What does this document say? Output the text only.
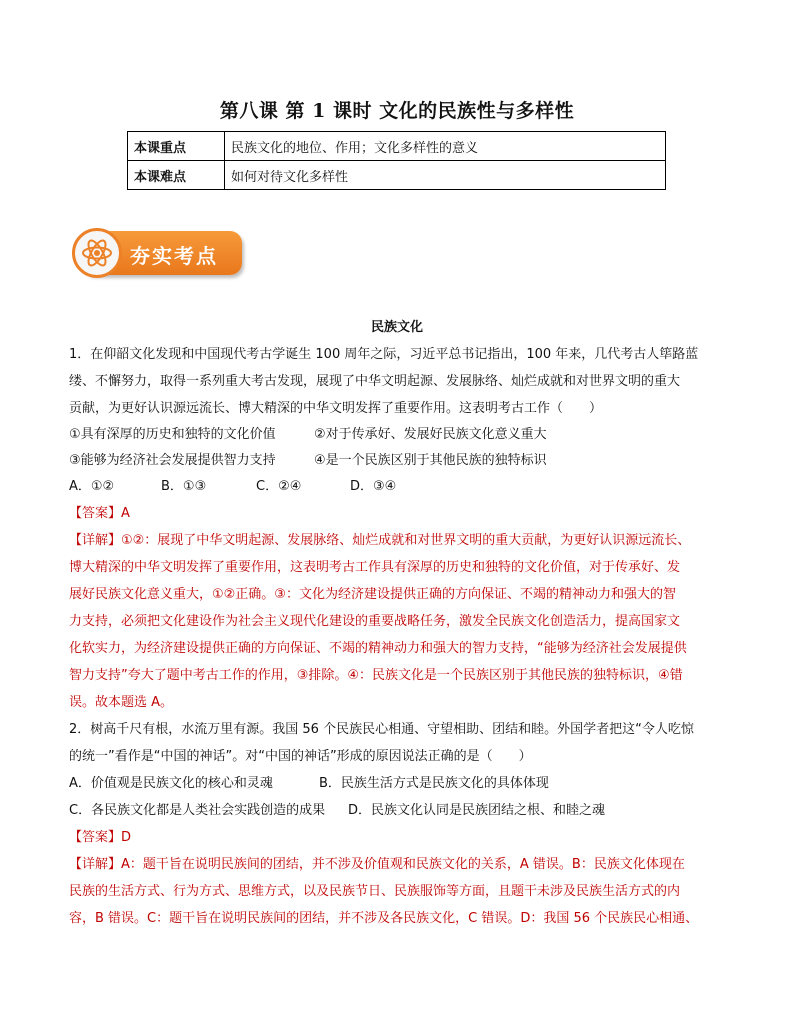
第八课 第 1 课时 文化的民族性与多样性
本课重点	民族文化的地位、作用；文化多样性的意义
本课难点	如何对待文化多样性
夯实考点
民族文化
1．在仰韶文化发现和中国现代考古学诞生 100 周年之际，习近平总书记指出，100 年来，几代考古人筚路蓝
缕、不懈努力，取得一系列重大考古发现，展现了中华文明起源、发展脉络、灿烂成就和对世界文明的重大
贡献，为更好认识源远流长、博大精深的中华文明发挥了重要作用。这表明考古工作（　　）
①具有深厚的历史和独特的文化价值	②对于传承好、发展好民族文化意义重大
③能够为经济社会发展提供智力支持	④是一个民族区别于其他民族的独特标识
A．①②	B．①③	C．②④	D．③④
【答案】A
【详解】①②：展现了中华文明起源、发展脉络、灿烂成就和对世界文明的重大贡献，为更好认识源远流长、
博大精深的中华文明发挥了重要作用，这表明考古工作具有深厚的历史和独特的文化价值，对于传承好、发
展好民族文化意义重大，①②正确。③：文化为经济建设提供正确的方向保证、不竭的精神动力和强大的智
力支持，必须把文化建设作为社会主义现代化建设的重要战略任务，激发全民族文化创造活力，提高国家文
化软实力，为经济建设提供正确的方向保证、不竭的精神动力和强大的智力支持，“能够为经济社会发展提供
智力支持”夸大了题中考古工作的作用，③排除。④：民族文化是一个民族区别于其他民族的独特标识，④错
误。故本题选 A。
2．树高千尺有根，水流万里有源。我国 56 个民族民心相通、守望相助、团结和睦。外国学者把这“令人吃惊
的统一”看作是“中国的神话”。对“中国的神话”形成的原因说法正确的是（　　）
A．价值观是民族文化的核心和灵魂	B．民族生活方式是民族文化的具体体现
C．各民族文化都是人类社会实践创造的成果 D．民族文化认同是民族团结之根、和睦之魂
【答案】D
【详解】A：题干旨在说明民族间的团结，并不涉及价值观和民族文化的关系，A 错误。B：民族文化体现在
民族的生活方式、行为方式、思维方式，以及民族节日、民族服饰等方面，且题干未涉及民族生活方式的内
容，B 错误。C：题干旨在说明民族间的团结，并不涉及各民族文化，C 错误。D：我国 56 个民族民心相通、
